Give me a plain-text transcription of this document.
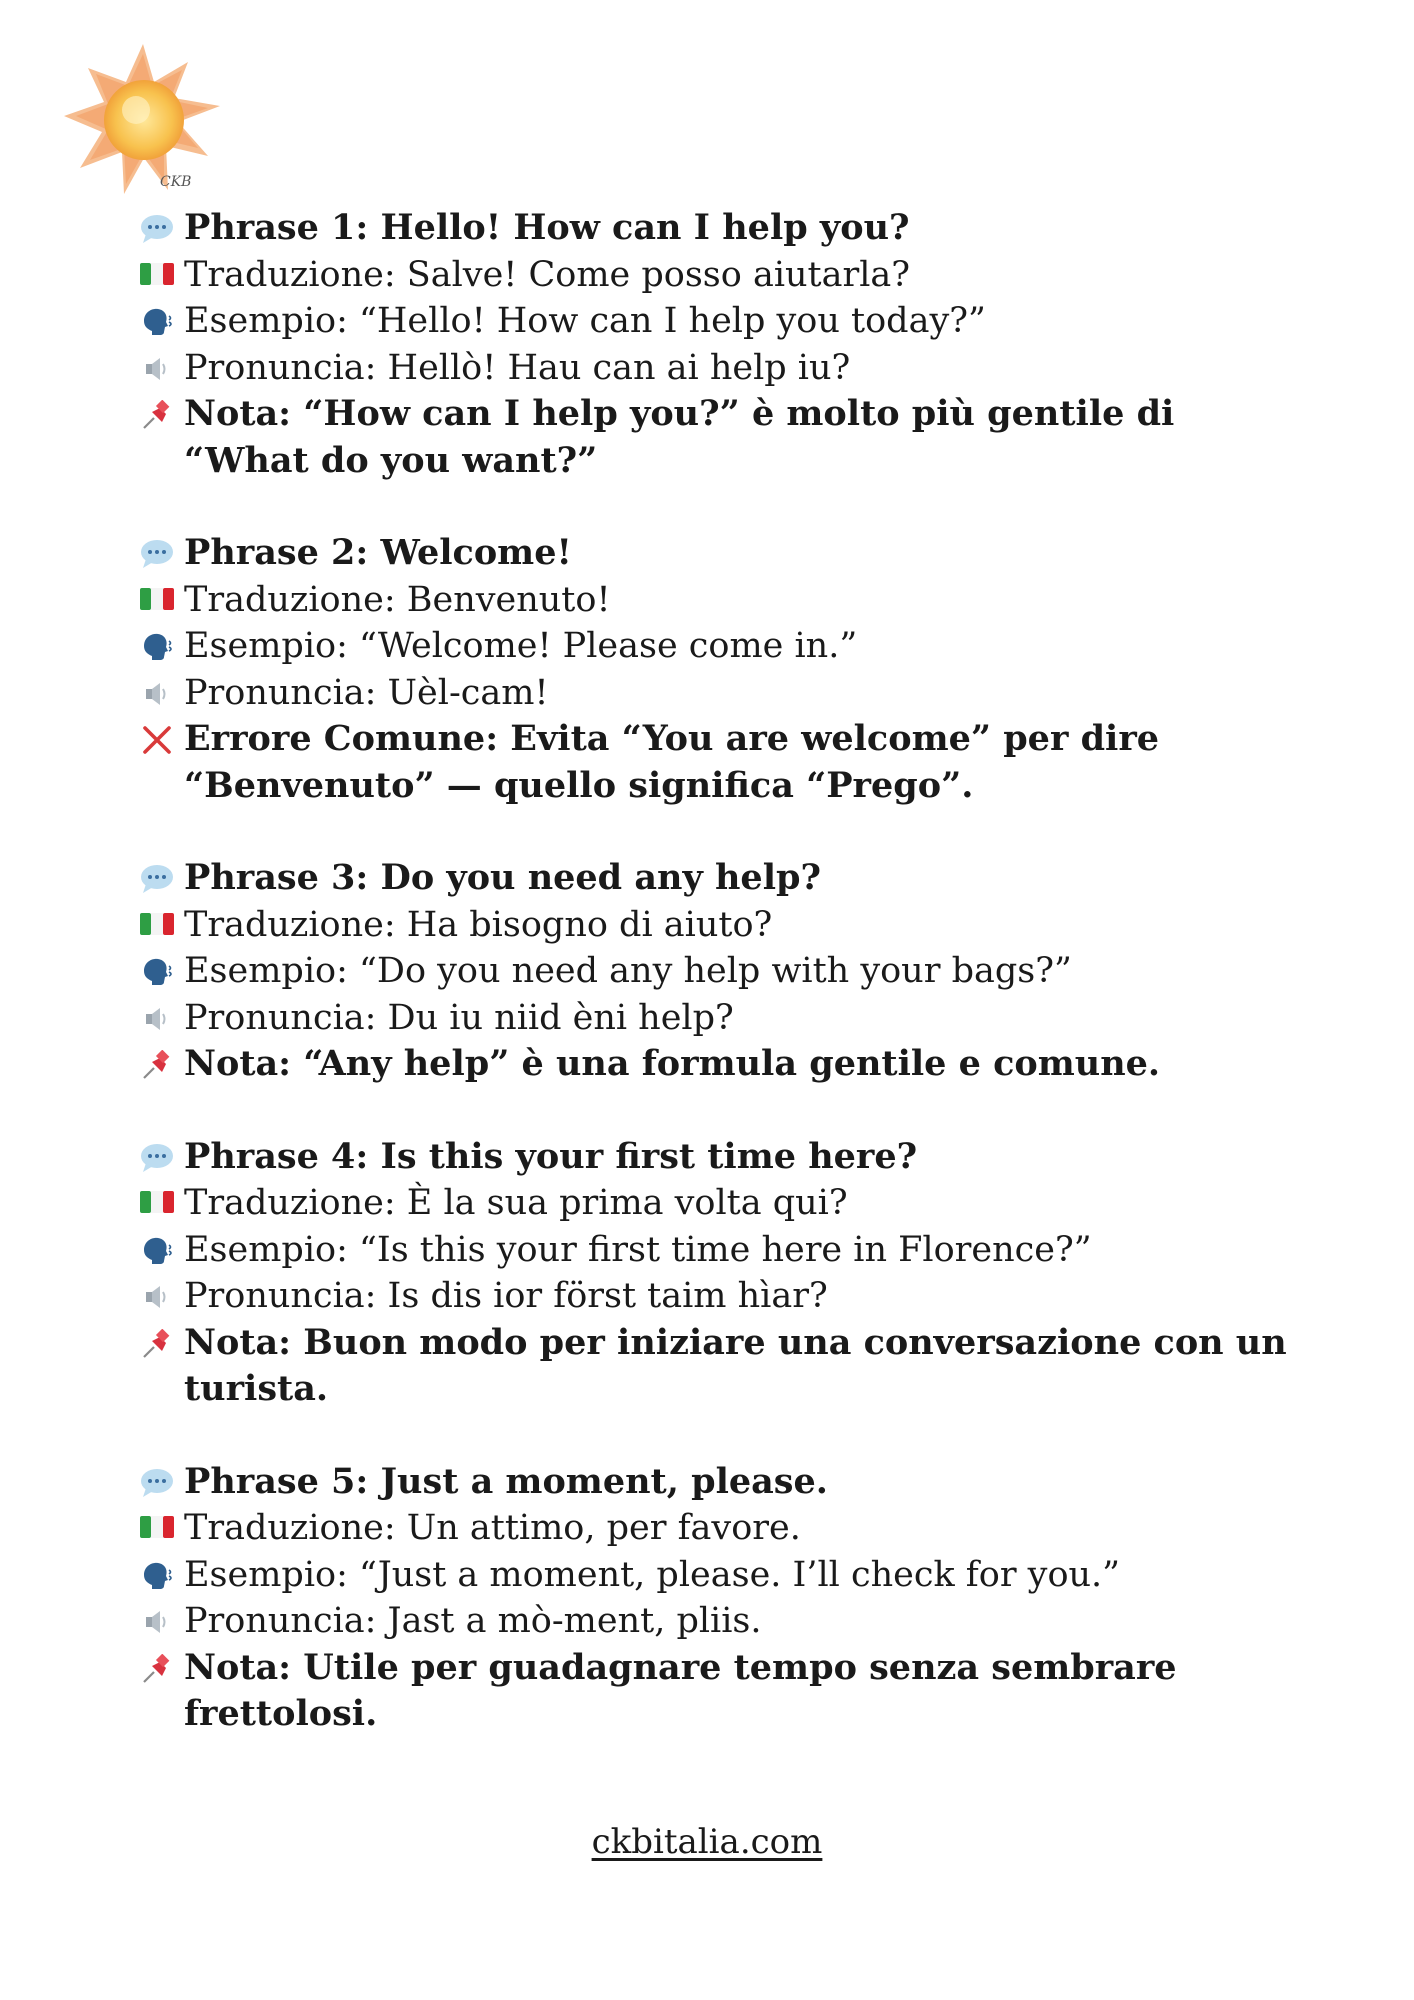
CKB
Phrase 1: Hello! How can I help you?
Traduzione: Salve! Come posso aiutarla?
Esempio: “Hello! How can I help you today?”
Pronuncia: Hellò! Hau can ai help iu?
Nota: “How can I help you?” è molto più gentile di “What do you want?”
Phrase 2: Welcome!
Traduzione: Benvenuto!
Esempio: “Welcome! Please come in.”
Pronuncia: Uèl-cam!
Errore Comune: Evita “You are welcome” per dire “Benvenuto” — quello significa “Prego”.
Phrase 3: Do you need any help?
Traduzione: Ha bisogno di aiuto?
Esempio: “Do you need any help with your bags?”
Pronuncia: Du iu niid èni help?
Nota: “Any help” è una formula gentile e comune.
Phrase 4: Is this your first time here?
Traduzione: È la sua prima volta qui?
Esempio: “Is this your first time here in Florence?”
Pronuncia: Is dis ior först taim hìar?
Nota: Buon modo per iniziare una conversazione con un turista.
Phrase 5: Just a moment, please.
Traduzione: Un attimo, per favore.
Esempio: “Just a moment, please. I’ll check for you.”
Pronuncia: Jast a mò-ment, pliis.
Nota: Utile per guadagnare tempo senza sembrare frettolosi.
ckbitalia.com
